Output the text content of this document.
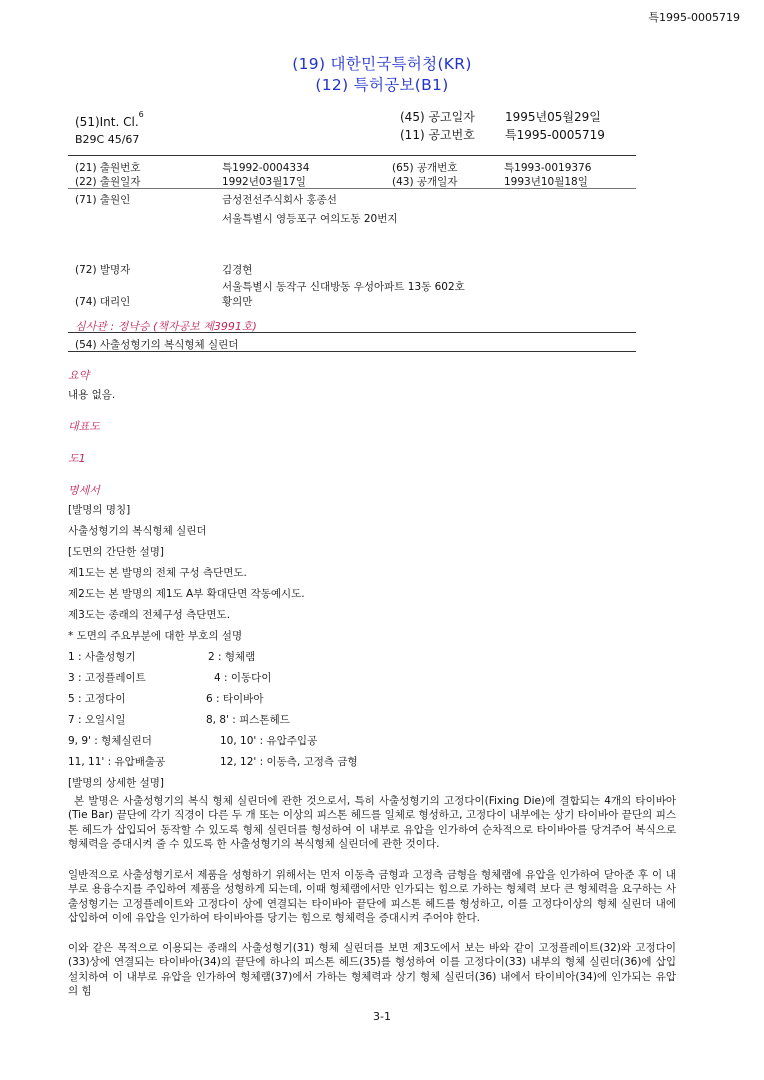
특1995-0005719
(19) 대한민국특허청(KR)
(12) 특허공보(B1)
(51)Int. Cl.$^6$
B29C 45/67
(45) 공고일자	1995년05월29일
(11) 공고번호	특1995-0005719
(21) 출원번호	특1992-0004334	(65) 공개번호	특1993-0019376
(22) 출원일자	1992년03월17일	(43) 공개일자	1993년10월18일
(71) 출원인	금성전선주식회사 홍종선
서울특별시 영등포구 여의도동 20번지
(72) 발명자	김경현
서울특별시 동작구 신대방동 우성아파트 13동 602호
(74) 대리인	황의만
심사관 : 정낙승 (책자공보 제3991호)
(54) 사출성형기의 복식형체 실린더
요약
내용 없음.
대표도
도1
명세서
[발명의 명칭]
사출성형기의 복식형체 실린더
[도면의 간단한 설명]
제1도는 본 발명의 전체 구성 측단면도.
제2도는 본 발명의 제1도 A부 확대단면 작동예시도.
제3도는 종래의 전체구성 측단면도.
* 도면의 주요부분에 대한 부호의 설명
1 : 사출성형기	2 : 형체램
3 : 고정플레이트	4 : 이동다이
5 : 고정다이	6 : 타이바아
7 : 오일시일	8, 8' : 피스톤헤드
9, 9' : 형체실린더	10, 10' : 유압주입공
11, 11' : 유압배출공	12, 12' : 이동측, 고정측 금형
[발명의 상세한 설명]
본 발명은 사출성형기의 복식 형체 실린더에 관한 것으로서, 특히 사출성형기의 고정다이(Fixing Die)에 결합되는 4개의 타이바아(Tie Bar) 끝단에 각기 직경이 다른 두 개 또는 이상의 피스톤 헤드를 일체로 형성하고, 고정다이 내부에는 상기 타이바아 끝단의 피스톤 헤드가 삽입되어 동작할 수 있도록 형체 실린더를 형성하여 이 내부로 유압을 인가하여 순차적으로 타이바아를 당겨주어 복식으로 형체력을 증대시켜 줄 수 있도록 한 사출성형기의 복식형체 실린더에 관한 것이다.
일반적으로 사출성형기로서 제품을 성형하기 위해서는 먼저 이동측 금형과 고정측 금형을 형체램에 유압을 인가하여 닫아준 후 이 내부로 용융수지를 주입하여 제품을 성형하게 되는데, 이때 형체램에서만 인가되는 힘으로 가하는 형체력 보다 큰 형체력을 요구하는 사출성형기는 고정플레이트와 고정다이 상에 연결되는 타이바아 끝단에 피스톤 헤드를 형성하고, 이를 고정다이상의 형체 실린더 내에 삽입하여 이에 유압을 인가하여 타이바아를 당기는 힘으로 형체력을 증대시켜 주어야 한다.
이와 같은 목적으로 이용되는 종래의 사출성형기(31) 형체 실린더를 보면 제3도에서 보는 바와 같이 고정플레이트(32)와 고정다이(33)상에 연결되는 타이바아(34)의 끝단에 하나의 피스톤 헤드(35)를 형성하여 이를 고정다이(33) 내부의 형체 실린더(36)에 삽입 설치하여 이 내부로 유압을 인가하여 형체램(37)에서 가하는 형체력과 상기 형체 실린더(36) 내에서 타이비아(34)에 인가되는 유압의 힘
3-1
